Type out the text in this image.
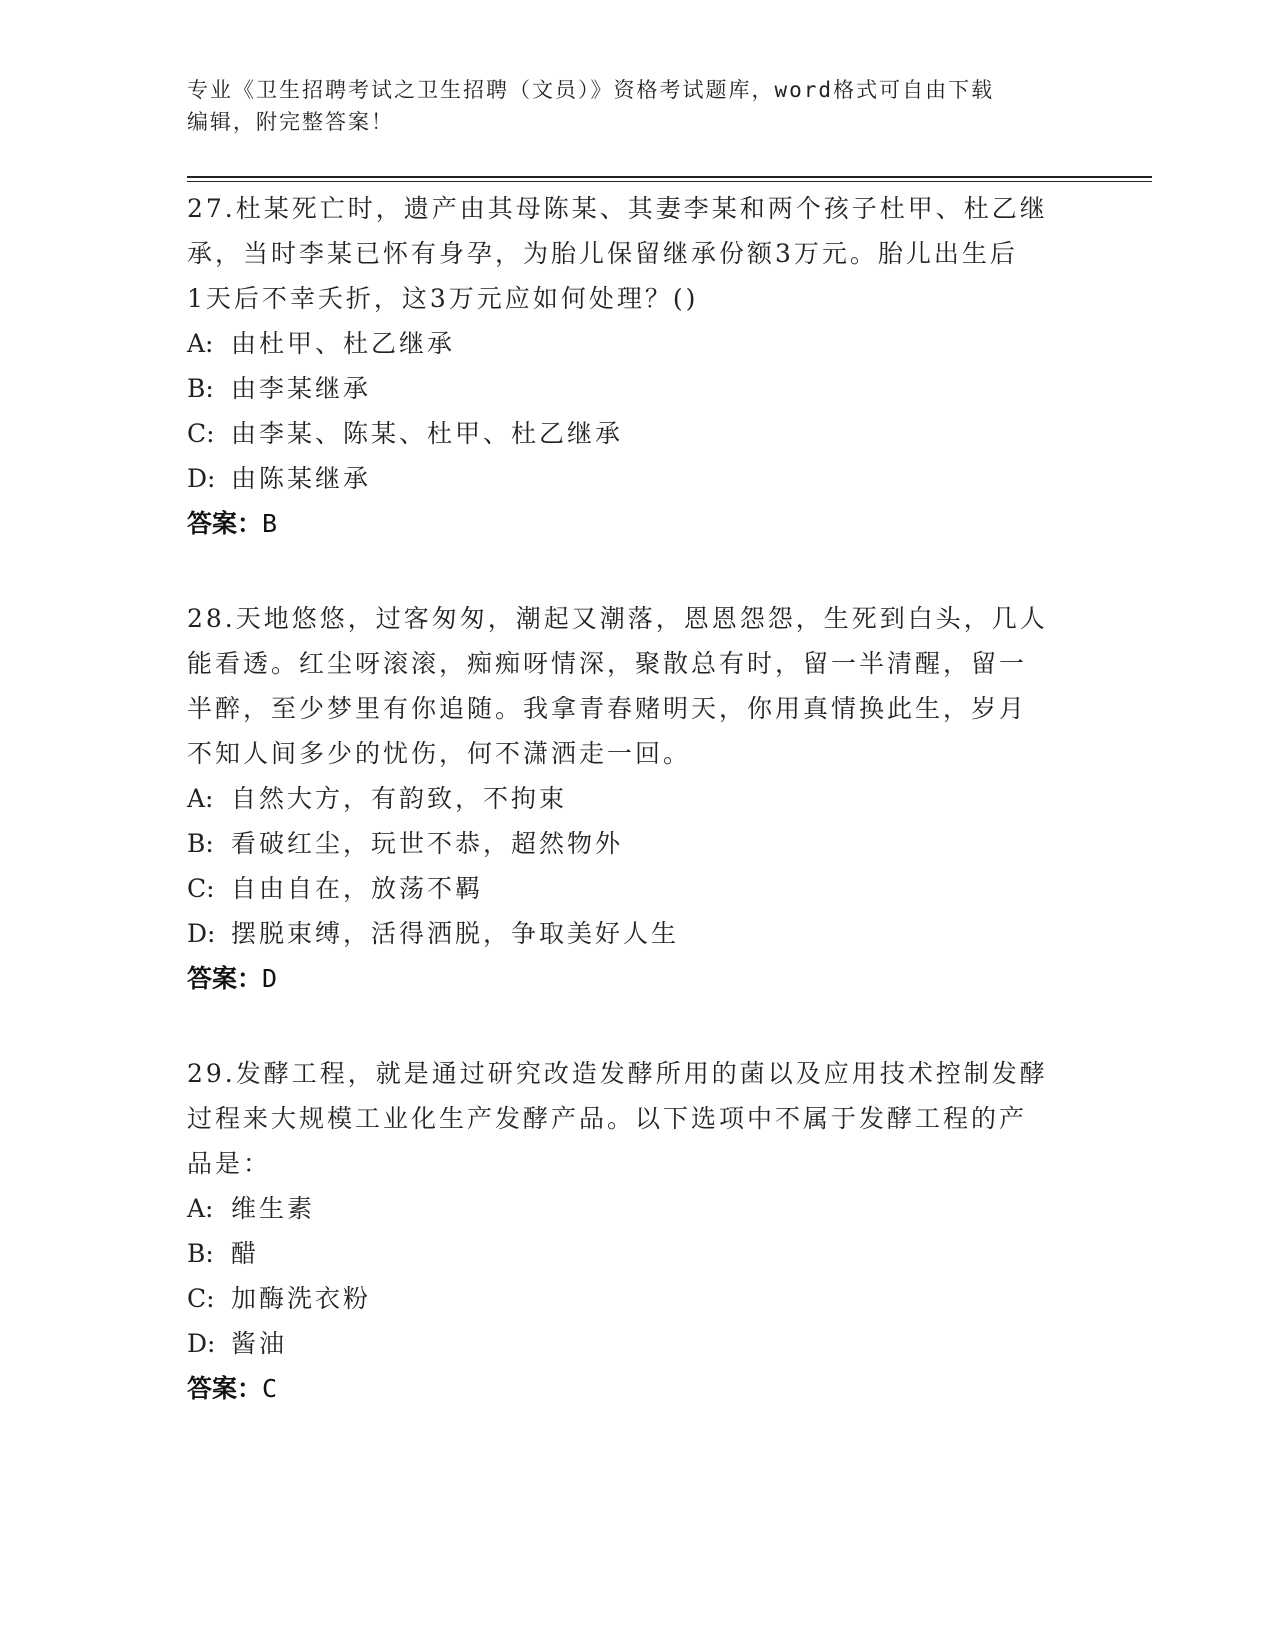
专业《卫生招聘考试之卫生招聘（文员）》资格考试题库，word格式可自由下载
编辑，附完整答案！

27.杜某死亡时，遗产由其母陈某、其妻李某和两个孩子杜甲、杜乙继

承，当时李某已怀有身孕，为胎儿保留继承份额3万元。胎儿出生后

1天后不幸夭折，这3万元应如何处理？()

A: 由杜甲、杜乙继承

B: 由李某继承

C: 由李某、陈某、杜甲、杜乙继承

D: 由陈某继承

答案：B

28.天地悠悠，过客匆匆，潮起又潮落，恩恩怨怨，生死到白头，几人

能看透。红尘呀滚滚，痴痴呀情深，聚散总有时，留一半清醒，留一

半醉，至少梦里有你追随。我拿青春赌明天，你用真情换此生，岁月

不知人间多少的忧伤，何不潇洒走一回。

A: 自然大方，有韵致，不拘束

B: 看破红尘，玩世不恭，超然物外

C: 自由自在，放荡不羁

D: 摆脱束缚，活得洒脱，争取美好人生

答案：D

29.发酵工程，就是通过研究改造发酵所用的菌以及应用技术控制发酵

过程来大规模工业化生产发酵产品。以下选项中不属于发酵工程的产

品是：

A: 维生素

B: 醋

C: 加酶洗衣粉

D: 酱油

答案：C
